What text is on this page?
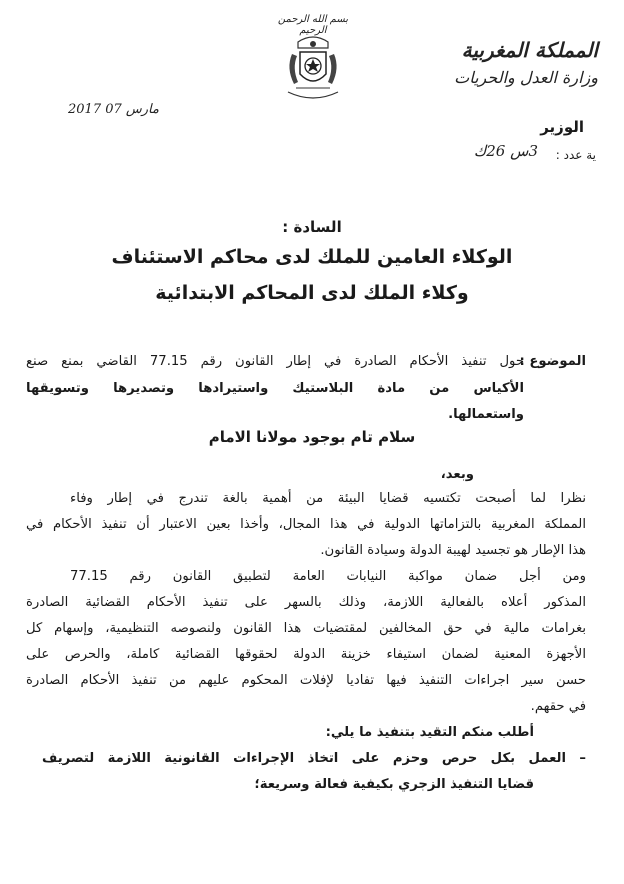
بسم الله الرحمن الرحيم
المملكة المغربية
وزارة العدل والحريات
2017 مارس 07
الوزير
ية عدد :
3س 26ك
السادة :
الوكلاء العامين للملك لدى محاكم الاستئناف
وكلاء الملك لدى المحاكم الابتدائية
الموضوع :
حول تنفيذ الأحكام الصادرة في إطار القانون رقم 77.15 القاضي بمنع صنع
الأكياس من مادة البلاستيك واستيرادها وتصديرها وتسويقها
واستعمالها.
سلام تام بوجود مولانا الامام
وبعد،
نظرا لما أصبحت تكتسيه قضايا البيئة من أهمية بالغة تندرج في إطار وفاء
المملكة المغربية بالتزاماتها الدولية في هذا المجال، وأخذا بعين الاعتبار أن تنفيذ الأحكام في
هذا الإطار هو تجسيد لهيبة الدولة وسيادة القانون.
ومن أجل ضمان مواكبة النيابات العامة لتطبيق القانون رقم 77.15
المذكور أعلاه بالفعالية اللازمة، وذلك بالسهر على تنفيذ الأحكام القضائية الصادرة
بغرامات مالية في حق المخالفين لمقتضيات هذا القانون ولنصوصه التنظيمية، وإسهام كل
الأجهزة المعنية لضمان استيفاء خزينة الدولة لحقوقها القضائية كاملة، والحرص على
حسن سير اجراءات التنفيذ فيها تفاديا لإفلات المحكوم عليهم من تنفيذ الأحكام الصادرة
في حقهم.
أطلب منكم التقيد بتنفيذ ما يلي:
– العمل بكل حرص وحزم على اتخاذ الإجراءات القانونية اللازمة لتصريف
قضايا التنفيذ الزجري بكيفية فعالة وسريعة؛
